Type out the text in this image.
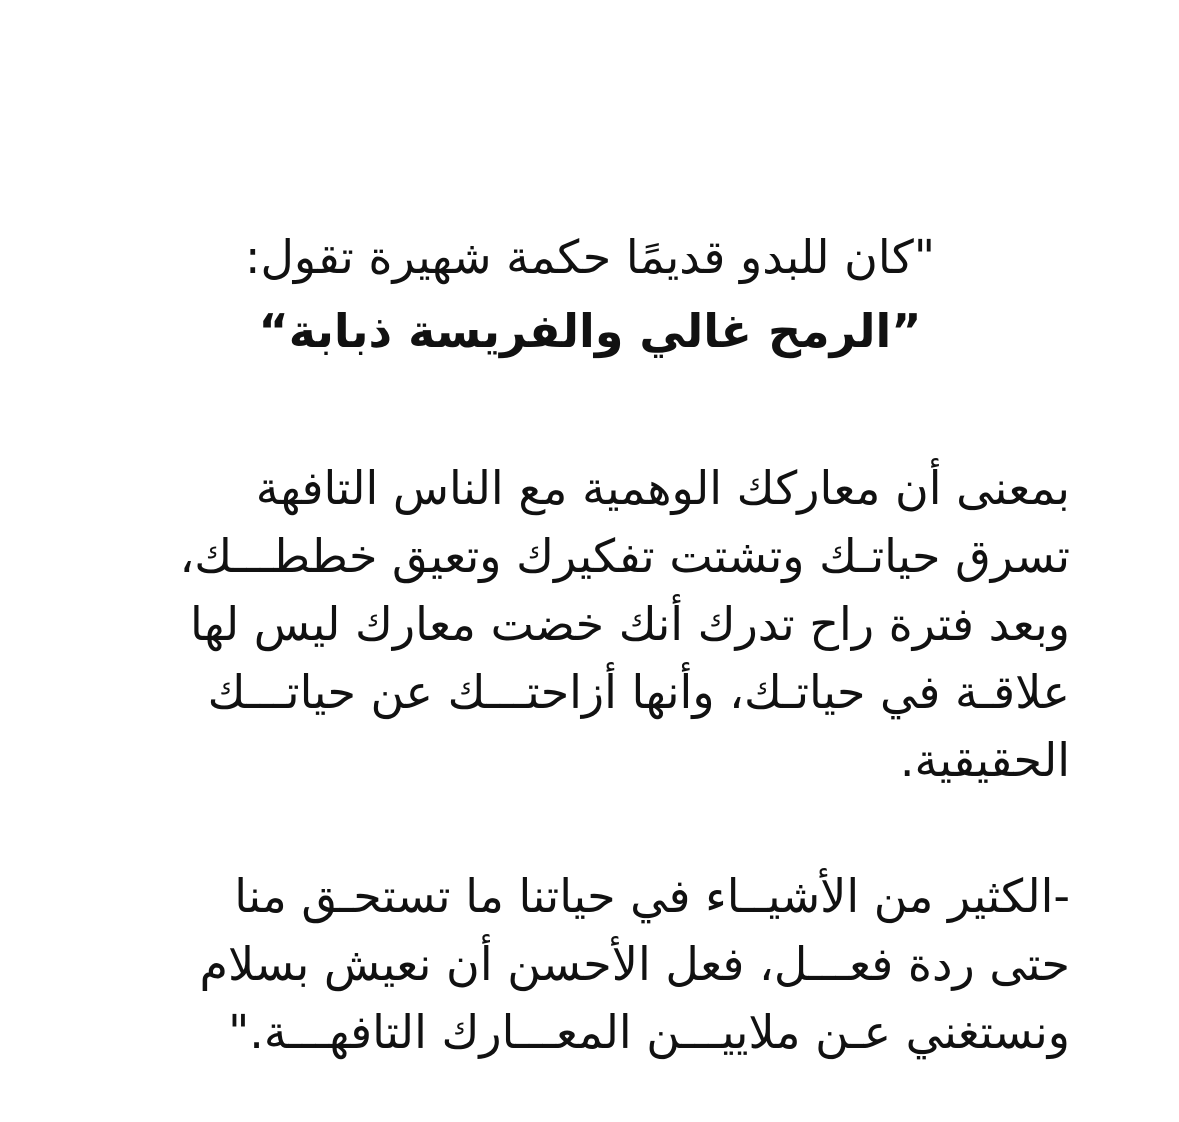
"كان للبدو قديمًا حكمة شهيرة تقول:
”الرمح غالي والفريسة ذبابة“
بمعنى أن معاركك الوهمية مع الناس التافهة
تسرق حياتـك وتشتت تفكيرك وتعيق خططـــك،
وبعد فترة راح تدرك أنك خضت معارك ليس لها
علاقـة في حياتـك، وأنها أزاحتـــك عن حياتـــك
الحقيقية.
-الكثير من الأشيــاء في حياتنا ما تستحـق منا
حتى ردة فعـــل، فعل الأحسن أن نعيش بسلام
ونستغني عـن ملاييـــن المعـــارك التافهـــة."
